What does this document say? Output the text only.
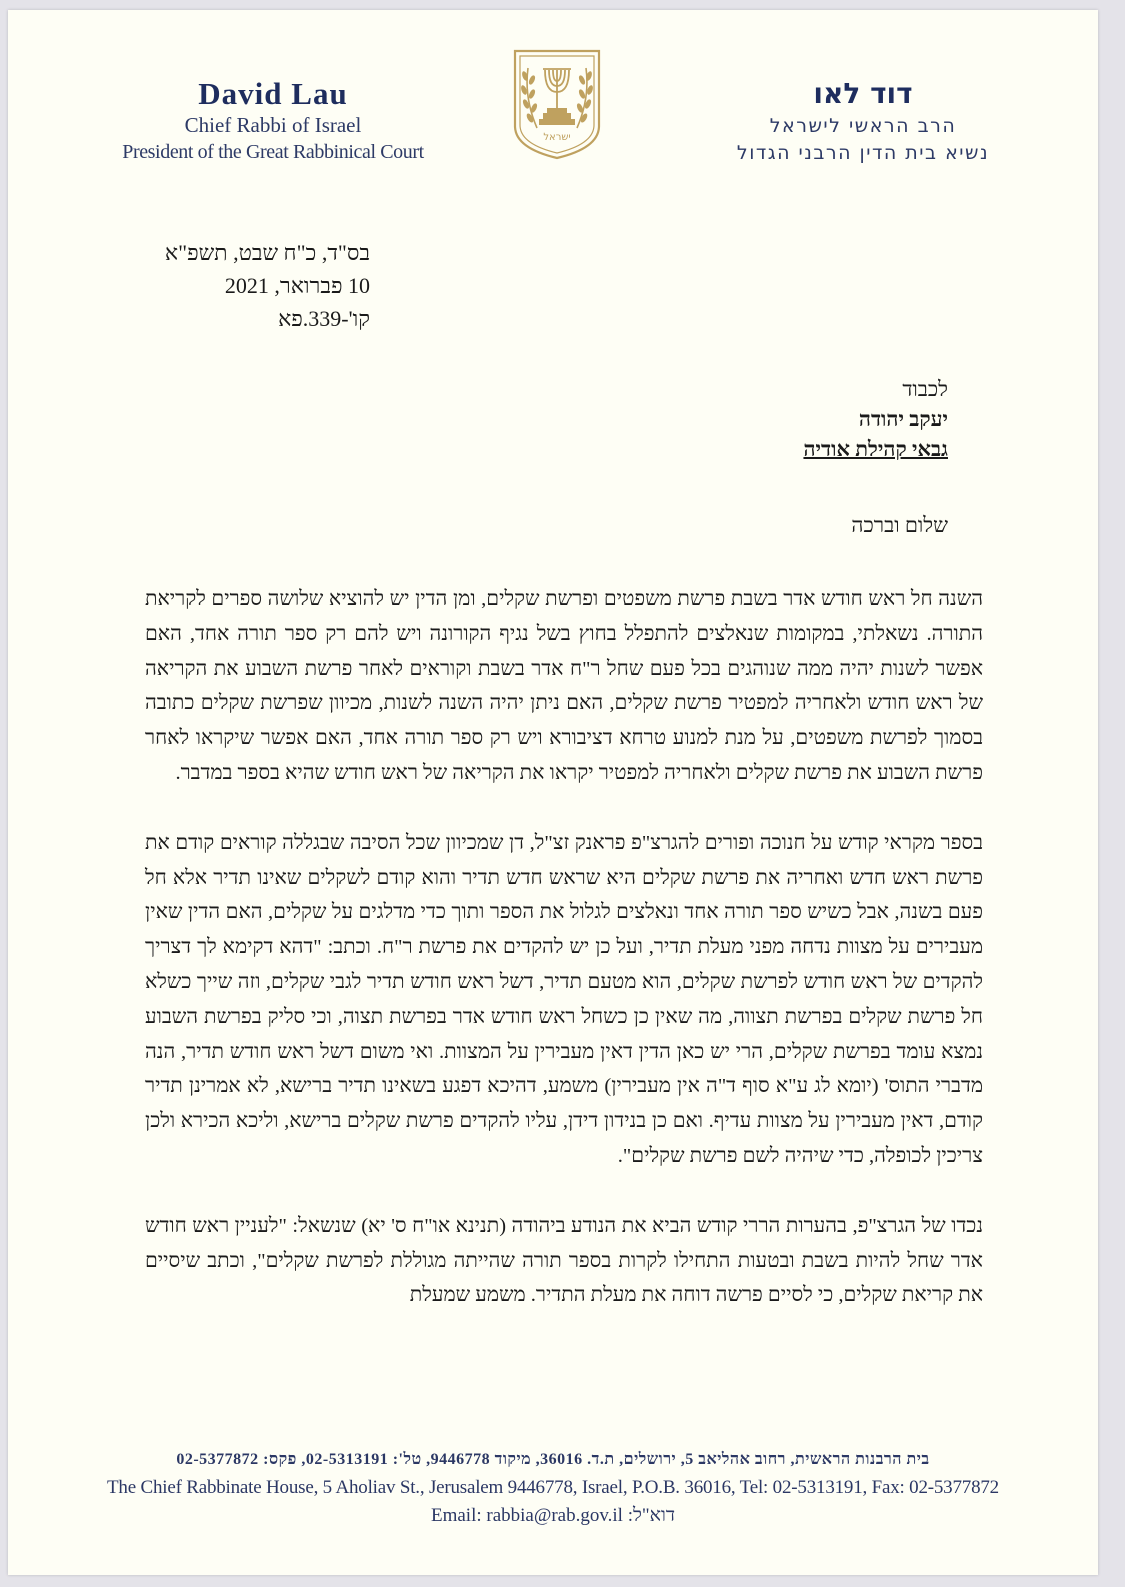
David Lau
Chief Rabbi of Israel
President of the Great Rabbinical Court
ישראל
דוד לאו
הרב הראשי לישראל
נשיא בית הדין הרבני הגדול
בס"ד, כ"ח שבט, תשפ"א
10 פברואר, 2021
קו'-339.פא
לכבוד
יעקב יהודה
גבאי קהילת אודיה
שלום וברכה

השנה חל ראש חודש אדר בשבת פרשת משפטים ופרשת שקלים, ומן הדין יש להוציא שלושה ספרים לקריאת התורה. נשאלתי, במקומות שנאלצים להתפלל בחוץ בשל נגיף הקורונה ויש להם רק ספר תורה אחד, האם אפשר לשנות יהיה ממה שנוהגים בכל פעם שחל ר"ח אדר בשבת וקוראים לאחר פרשת השבוע את הקריאה של ראש חודש ולאחריה למפטיר פרשת שקלים, האם ניתן יהיה השנה לשנות, מכיוון שפרשת שקלים כתובה בסמוך לפרשת משפטים, על מנת למנוע טרחא דציבורא ויש רק ספר תורה אחד, האם אפשר שיקראו לאחר פרשת השבוע את פרשת שקלים ולאחריה למפטיר יקראו את הקריאה של ראש חודש שהיא בספר במדבר.

בספר מקראי קודש על חנוכה ופורים להגרצ"פ פראנק זצ"ל, דן שמכיוון שכל הסיבה שבגללה קוראים קודם את פרשת ראש חדש ואחריה את פרשת שקלים היא שראש חדש תדיר והוא קודם לשקלים שאינו תדיר אלא חל פעם בשנה, אבל כשיש ספר תורה אחד ונאלצים לגלול את הספר ותוך כדי מדלגים על שקלים, האם הדין שאין מעבירים על מצוות נדחה מפני מעלת תדיר, ועל כן יש להקדים את פרשת ר"ח. וכתב: "דהא דקימא לך דצריך להקדים של ראש חודש לפרשת שקלים, הוא מטעם תדיר, דשל ראש חודש תדיר לגבי שקלים, וזה שייך כשלא חל פרשת שקלים בפרשת תצווה, מה שאין כן כשחל ראש חודש אדר בפרשת תצוה, וכי סליק בפרשת השבוע נמצא עומד בפרשת שקלים, הרי יש כאן הדין דאין מעבירין על המצוות. ואי משום דשל ראש חודש תדיר, הנה מדברי התוס' (יומא לג ע"א סוף ד"ה אין מעבירין) משמע, דהיכא דפגע בשאינו תדיר ברישא, לא אמרינן תדיר קודם, דאין מעבירין על מצוות עדיף. ואם כן בנידון דידן, עליו להקדים פרשת שקלים ברישא, וליכא הכירא ולכן צריכין לכופלה, כדי שיהיה לשם פרשת שקלים".

נכדו של הגרצ"פ, בהערות הררי קודש הביא את הנודע ביהודה (תנינא או"ח ס' יא) שנשאל: "לעניין ראש חודש אדר שחל להיות בשבת ובטעות התחילו לקרות בספר תורה שהייתה מגוללת לפרשת שקלים", וכתב שיסיים את קריאת שקלים, כי לסיים פרשה דוחה את מעלת התדיר. משמע שמעלת

בית הרבנות הראשית, רחוב אהליאב 5, ירושלים, ת.ד. 36016, מיקוד 9446778, טל': 02-5313191, פקס: 02-5377872
The Chief Rabbinate House, 5 Aholiav St., Jerusalem 9446778, Israel, P.O.B. 36016, Tel: 02-5313191, Fax: 02-5377872
Email: rabbia@rab.gov.il דוא"ל:
